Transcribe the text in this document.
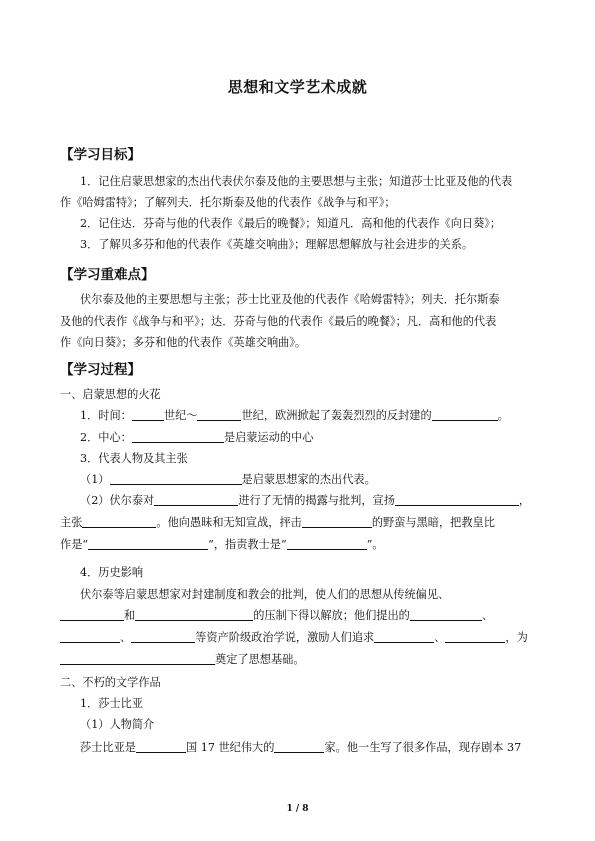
思想和文学艺术成就
【学习目标】
1．记住启蒙思想家的杰出代表伏尔泰及他的主要思想与主张；知道莎士比亚及他的代表
作《哈姆雷特》；了解列夫．托尔斯泰及他的代表作《战争与和平》；
2．记住达．芬奇与他的代表作《最后的晚餐》；知道凡．高和他的代表作《向日葵》；
3．了解贝多芬和他的代表作《英雄交响曲》；理解思想解放与社会进步的关系。
【学习重难点】
伏尔泰及他的主要思想与主张；莎士比亚及他的代表作《哈姆雷特》；列夫．托尔斯泰
及他的代表作《战争与和平》；达．芬奇与他的代表作《最后的晚餐》；凡．高和他的代表
作《向日葵》；多芬和他的代表作《英雄交响曲》。
【学习过程】
一、启蒙思想的火花
1．时间：	世纪～	世纪，欧洲掀起了轰轰烈烈的反封建的	。
2．中心：	是启蒙运动的中心
3．代表人物及其主张
（1）	是启蒙思想家的杰出代表。
（2）伏尔泰对	进行了无情的揭露与批判，宣扬	，
主张	。他向愚昧和无知宣战，抨击	的野蛮与黑暗，把教皇比
作是“	”，指责教士是“	”。
4．历史影响
伏尔泰等启蒙思想家对封建制度和教会的批判，使人们的思想从传统偏见、
和	的压制下得以解放；他们提出的	、
、	等资产阶级政治学说，激励人们追求	、	，为
奠定了思想基础。
二、不朽的文学作品
1．莎士比亚
（1）人物简介
莎士比亚是	国 17 世纪伟大的	家。他一生写了很多作品，现存剧本 37
1 / 8
